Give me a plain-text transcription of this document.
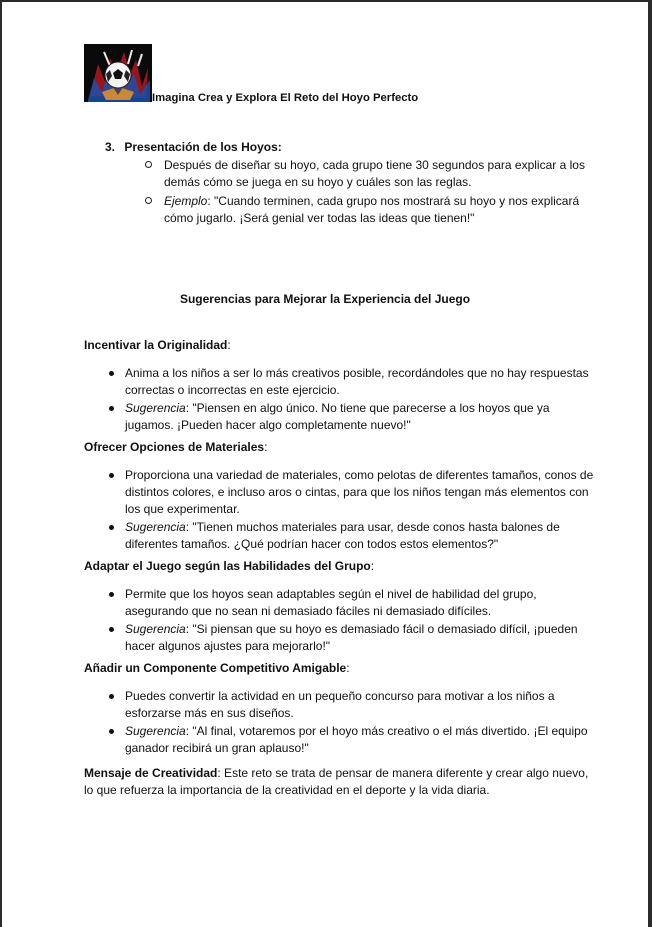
Imagina Crea y Explora El Reto del Hoyo Perfecto
3. Presentación de los Hoyos:
Después de diseñar su hoyo, cada grupo tiene 30 segundos para explicar a los demás cómo se juega en su hoyo y cuáles son las reglas.
Ejemplo: "Cuando terminen, cada grupo nos mostrará su hoyo y nos explicará cómo jugarlo. ¡Será genial ver todas las ideas que tienen!"
Sugerencias para Mejorar la Experiencia del Juego
Incentivar la Originalidad:
Anima a los niños a ser lo más creativos posible, recordándoles que no hay respuestas correctas o incorrectas en este ejercicio.
Sugerencia: "Piensen en algo único. No tiene que parecerse a los hoyos que ya jugamos. ¡Pueden hacer algo completamente nuevo!"
Ofrecer Opciones de Materiales:
Proporciona una variedad de materiales, como pelotas de diferentes tamaños, conos de distintos colores, e incluso aros o cintas, para que los niños tengan más elementos con los que experimentar.
Sugerencia: "Tienen muchos materiales para usar, desde conos hasta balones de diferentes tamaños. ¿Qué podrían hacer con todos estos elementos?"
Adaptar el Juego según las Habilidades del Grupo:
Permite que los hoyos sean adaptables según el nivel de habilidad del grupo, asegurando que no sean ni demasiado fáciles ni demasiado difíciles.
Sugerencia: "Si piensan que su hoyo es demasiado fácil o demasiado difícil, ¡pueden hacer algunos ajustes para mejorarlo!"
Añadir un Componente Competitivo Amigable:
Puedes convertir la actividad en un pequeño concurso para motivar a los niños a esforzarse más en sus diseños.
Sugerencia: "Al final, votaremos por el hoyo más creativo o el más divertido. ¡El equipo ganador recibirá un gran aplauso!"
Mensaje de Creatividad: Este reto se trata de pensar de manera diferente y crear algo nuevo, lo que refuerza la importancia de la creatividad en el deporte y la vida diaria.
